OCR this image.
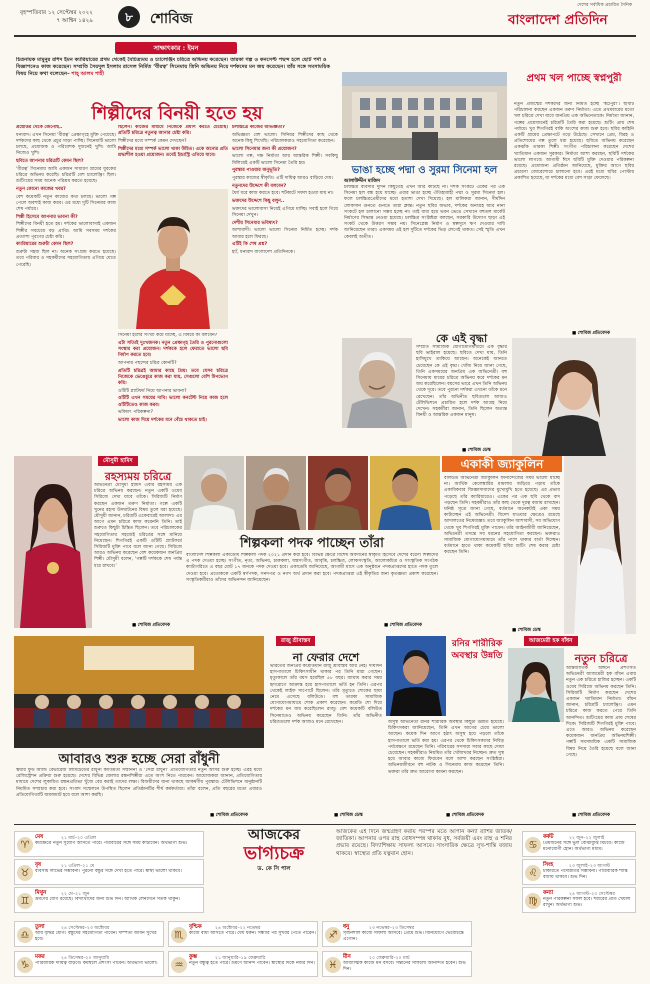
বৃহস্পতিবার ১২ সেপ্টেম্বর ২০২২
৭ আশ্বিন ১৪২৯	৮	শোবিজ
দেশের সর্বাধিক প্রচারিত দৈনিক
বাংলাদেশ প্রতিদিন
সাক্ষাৎকার : ইমন
চিত্রনায়ক মামুনুর রশিদ ইমন ক্যারিয়ারের প্রথম থেকেই বৈচিত্র্যময় ও চ্যালেঞ্জিং চরিত্রে অভিনয় করেছেন। তারকা গল্প ও কনসেপ্ট পছন্দ হলে ছোট পর্দা ও বিজ্ঞাপনেও কাজ করেছেন। সম্প্রতি সৈয়দুল ইসলাম রাসেল নির্মিত ‘বীরত্ব’ সিনেমায় তিনি অভিনয় নিয়ে দর্শকদের মন জয় করেছেন। তাঁর সঙ্গে সমসাময়িক বিষয় নিয়ে কথা বলেছেন– শাহ্ আলম শাহী
শিল্পীদের বিনয়ী হতে হয়

প্রশ্নোত্তর থেকে জেনেছি..

ধন্যবাদ। এখন সিনেমা ‘বীরত্ব’ প্রেক্ষাগৃহে মুক্তি পেয়েছে। দর্শকদের কাছ থেকে প্রচুর সাড়া পাচ্ছি। সিনেমাটি ভালো চলছে, প্রযোজক ও পরিবেশক দুজনেই খুশি। আমি নিজেও খুশি।

ছবিতে আপনার চরিত্রটি কেমন ছিল?

‘বীরত্ব’ সিনেমায় আমি একজন সাধারণ গ্রামের যুবকের চরিত্রে অভিনয় করেছি। চরিত্রটি বেশ চ্যালেঞ্জিং ছিল। শুটিংয়ের সময় অনেক পরিশ্রম করতে হয়েছে।

নতুন কোনো কাজের খবর?

বেশ কয়েকটি নতুন কাজের কথা চলছে। ভালো গল্প পেলে অবশ্যই কাজ করব। এর মধ্যে দুটি সিনেমার কাজ শেষ পর্যায়ে।

শিল্পী হিসেবে আপনার ভাবনা কী?

শিল্পীদের বিনয়ী হতে হয়। দর্শকের ভালোবাসাই একজন শিল্পীর সবচেয়ে বড় প্রাপ্তি। আমি সবসময় দর্শকের প্রত্যাশা পূরণের চেষ্টা করি।

ক্যারিয়ারের শুরুটা কেমন ছিল?

শুরুটা সহজ ছিল না। অনেক সংগ্রাম করতে হয়েছে। তবে পরিবার ও সহকর্মীদের সহযোগিতায় এগিয়ে যেতে পেরেছি।

ছিলেন। কাজের মাধ্যমে নিজেকে প্রমাণ করতে চেয়েছি। প্রতিটি চরিত্রে নতুনত্ব আনার চেষ্টা করি।

শিল্পীদের মধ্যে সম্পর্ক কেমন দেখছেন?

শিল্পীদের মধ্যে সম্পর্ক ভালো থাকা উচিত। একে অন্যের প্রতি শ্রদ্ধাশীল হওয়া প্রয়োজন। তবেই ইন্ডাস্ট্রি এগিয়ে যাবে।

সিনেমা হলের সংখ্যা কমে যাচ্ছে, এ বিষয়ে কী বলবেন?

এটা সত্যিই দুঃখজনক। নতুন প্রেক্ষাগৃহ তৈরি ও পুরনোগুলো সংস্কার করা প্রয়োজন। দর্শককে হলে ফেরাতে ভালো ছবি নির্মাণ করতে হবে।

আপনার পছন্দের চরিত্র কোনটি?

প্রতিটি চরিত্রই আমার কাছে প্রিয়। তবে যেসব চরিত্রে নিজেকে ভেঙেচুরে কাজ করা যায়, সেগুলো বেশি উপভোগ করি।

ওটিটি প্ল্যাটফর্ম নিয়ে আপনার ভাবনা?

ওটিটি এখন সময়ের দাবি। ভালো কনটেন্ট নিয়ে কাজ হলে ওটিটিতেও কাজ করব।

ভবিষ্যৎ পরিকল্পনা?

ভালো কাজ দিয়ে দর্শকের মনে বেঁচে থাকতে চাই।

চলচ্চিত্রে কাজের অভিজ্ঞতা?

অভিজ্ঞতা বেশ ভালো। সিনিয়র শিল্পীদের কাছ থেকে অনেক কিছু শিখেছি। পরিচালকরাও সহযোগিতা করেছেন।

ভালো সিনেমার জন্য কী প্রয়োজন?

ভালো গল্প, দক্ষ নির্মাতা আর আন্তরিক শিল্পী। সবকিছু মিলিয়েই একটি ভালো সিনেমা তৈরি হয়।

পুরস্কার পাওয়ার অনুভূতি?

পুরস্কার কাজের স্বীকৃতি। এটি দায়িত্ব আরও বাড়িয়ে দেয়।

নতুনদের উদ্দেশে কী বলবেন?

ধৈর্য ধরে কাজ করতে হবে। শর্টকাটে সফল হওয়া যায় না।

ভক্তদের উদ্দেশে কিছু বলুন..

ভক্তদের ভালোবাসা নিয়েই এগিয়ে যাচ্ছি। সবাই হলে গিয়ে সিনেমা দেখুন।

দেশীয় সিনেমার ভবিষ্যৎ?

আশাবাদী। ভালো ভালো সিনেমা নির্মিত হচ্ছে। দর্শক আবার হলে ফিরছে।

এটিই কি শেষ প্রশ্ন?

হ্যাঁ, ধন্যবাদ বাংলাদেশ প্রতিদিনকে।

ভাঙা হচ্ছে পদ্মা ও সুরমা সিনেমা হল
আলাউদ্দীন মাজিদ
চলচ্চিত্র ব্যবসার দুর্দিন কিছুতেই এখন আর কাটছে না। দর্শক সংকটে একের পর এক সিনেমা হল বন্ধ হয়ে যাচ্ছে। এবার ভাঙা হচ্ছে ঐতিহ্যবাহী পদ্মা ও সুরমা সিনেমা হল। ফলে চলচ্চিত্রপ্রেমীদের মধ্যে হতাশা দেখা দিয়েছে। হল মালিকরা জানান, দীর্ঘদিন লোকসান গুনতে গুনতে তারা ক্লান্ত। নতুন ছবির অভাব, দর্শকের অনাগ্রহ আর নানা সংকটে হল চালানো সম্ভব হচ্ছে না। তাই বাধ্য হয়ে ভবন ভেঙে সেখানে বহুতল মার্কেট নির্মাণের সিদ্ধান্ত নেওয়া হয়েছে। চলচ্চিত্র সংশ্লিষ্টরা বলছেন, সরকারি উদ্যোগ ছাড়া এই সংকট থেকে উত্তরণ সম্ভব নয়। সিনেপ্লেক্স নির্মাণ ও স্বল্পসুদে ঋণ দেওয়ার দাবি জানিয়েছেন তারা। একসময় এই হল দুটিতে দর্শকের ভিড় লেগেই থাকত। সেই স্মৃতি এখন কেবলই অতীত।
প্রথম খল পাচ্ছে স্বপ্নপুরী
নতুন প্রজন্মের দর্শকদের জন্য নির্মিত হচ্ছে ‘স্বপ্নপুরী’। ছবিটি পরিচালনা করছেন একজন তরুণ নির্মাতা। এতে প্রথমবারের মতো খল চরিত্রে দেখা যাবে জনপ্রিয় এক অভিনেতাকে। নির্মাতা জানান, গল্পের প্রয়োজনেই চরিত্রটি তৈরি করা হয়েছে। শুটিং প্রায় শেষ পর্যায়ে। খুব শিগগিরই বাকি অংশের কাজ শুরু হবে। ছবির কাহিনি একটি গ্রামের প্রেক্ষাপটে গড়ে উঠেছে। সেখানে প্রেম, বিরহ ও প্রতিশোধের গল্প তুলে ধরা হয়েছে। ছবিতে অভিনয় করেছেন একঝাঁক তারকা শিল্পী। সংগীত পরিচালনা করেছেন দেশের খ্যাতিমান একজন সুরকার। নির্মাতা আশা করছেন, ছবিটি দর্শকের ভালো লাগবে। আগামী ঈদে ছবিটি মুক্তি দেওয়ার পরিকল্পনা রয়েছে। প্রযোজনা প্রতিষ্ঠান জানিয়েছে, মুক্তির আগে ছবির প্রচারণা জোরেশোরে চালানো হবে। এরই মধ্যে ছবির পোস্টার প্রকাশিত হয়েছে, যা দর্শকের মধ্যে বেশ সাড়া ফেলেছে।
■ শোবিজ প্রতিবেদক
কে এই বৃদ্ধা
সম্প্রতি সামাজিক যোগাযোগমাধ্যমে এক বৃদ্ধার ছবি ভাইরাল হয়েছে। ছবিতে দেখা যায়, তিনি হাসিমুখে তাকিয়ে আছেন। অনেকেই জানতে চেয়েছেন কে এই বৃদ্ধা। খোঁজ নিয়ে জানা গেছে, তিনি একসময়ের জনপ্রিয় এক অভিনেত্রী। বহু সিনেমায় মায়ের চরিত্রে অভিনয় করে দর্শকের মন জয় করেছিলেন। বয়সের ভারে এখন তিনি অভিনয় থেকে দূরে। তবে পুরনো দর্শকরা এখনো তাঁকে মনে রেখেছেন। তাঁর অভিনীত ছবিগুলো আজও টেলিভিশনে প্রচারিত হলে দর্শক আগ্রহ নিয়ে দেখেন। সহকর্মীরা জানান, তিনি ছিলেন অত্যন্ত বিনয়ী ও আন্তরিক একজন মানুষ।
■ শোবিজ ডেস্ক
মৌসুমী হামিদ
রহস্যময় চরিত্রে
অভিনেত্রী মৌসুমী হামিদ এবার রহস্যময় এক চরিত্রে অভিনয় করছেন। নতুন একটি ওয়েব সিরিজে দেখা যাবে তাঁকে। সিরিজটি নির্মাণ করছেন একজন তরুণ নির্মাতা। গল্পে একটি খুনের রহস্য উদঘাটনের বিষয় তুলে ধরা হয়েছে। মৌসুমী জানান, চরিত্রটি একেবারেই আলাদা। এর আগে এমন চরিত্রে কাজ করেননি তিনি। তাই শুরুতে কিছুটা চিন্তিত ছিলেন। তবে পরিচালকের সহযোগিতায় সহজেই চরিত্রের সঙ্গে মানিয়ে নিয়েছেন। শিগগিরই একটি ওটিটি প্ল্যাটফর্মে সিরিজটি মুক্তি পাবে বলে জানা গেছে। সিরিজে আরও অভিনয় করেছেন বেশ কয়েকজন জনপ্রিয় শিল্পী। মৌসুমী বলেন, ‘গল্পটি দর্শককে শেষ পর্যন্ত ধরে রাখবে।’
■ শোবিজ প্রতিবেদক
শিল্পকলা পদক পাচ্ছেন তাঁরা
বাংলাদেশ শিল্পকলা একাডেমি শিল্পকলা পদক ২০২১ প্রদান করা হবে। বিভিন্ন ক্ষেত্রে বিশেষ অবদানের স্বীকৃতি হিসেবে দেশের বরেণ্য শিল্পীদের এ পদক দেওয়া হচ্ছে। সংগীত, নৃত্য, অভিনয়, চারুকলা, যন্ত্রসংগীত, আবৃত্তি, চলচ্চিত্র, লোকসংস্কৃতি, আলোকচিত্র ও সাংস্কৃতিক সংগঠক ক্যাটাগরিতে এ বছর মোট ১৭ জনকে পদক দেওয়া হবে। একাডেমি জানিয়েছে, আগামী মাসে এক অনুষ্ঠানে পদকপ্রাপ্তদের হাতে পদক তুলে দেওয়া হবে। প্রত্যেককে একটি স্বর্ণপদক, সনদপত্র ও নগদ অর্থ প্রদান করা হবে। পদকপ্রাপ্তরা এই স্বীকৃতির জন্য কৃতজ্ঞতা প্রকাশ করেছেন। সংস্কৃতিকর্মীরাও তাঁদের অভিনন্দন জানিয়েছেন।
■ শোবিজ প্রতিবেদক
একাকী জ্যাকুলিন
বলিউড অভিনেত্রী জ্যাকুলিন ফার্নান্দেজের সময় ভালো যাচ্ছে না। আর্থিক কেলেঙ্কারির মামলায় জড়িয়ে পড়ায় তাঁকে একাধিকবার জিজ্ঞাসাবাদের মুখোমুখি হতে হয়েছে। এর প্রভাব পড়েছে তাঁর ক্যারিয়ারেও। একের পর এক ছবি থেকে বাদ পড়ছেন তিনি। সহকর্মীরাও তাঁর কাছ থেকে দূরত্ব বজায় রাখছেন। ঘনিষ্ঠ সূত্রে জানা গেছে, বর্তমানে অনেকটাই একা সময় কাটাচ্ছেন এই অভিনেত্রী। বিদেশ যাওয়ার ক্ষেত্রেও রয়েছে আদালতের নিষেধাজ্ঞা। তবে জ্যাকুলিন আশাবাদী, সব অভিযোগ থেকে খুব শিগগিরই মুক্তি পাবেন। তাঁর আইনজীবী জানিয়েছেন, অভিনেত্রী তদন্তে সব ধরনের সহযোগিতা করছেন। ভক্তরাও সামাজিক যোগাযোগমাধ্যমে তাঁর পাশে থাকার বার্তা দিচ্ছেন। বর্তমানে হাতে থাকা কয়েকটি ছবির শুটিং শেষ করার চেষ্টা করছেন তিনি।
■ শোবিজ ডেস্ক
আবারও শুরু হচ্ছে সেরা রাঁধুনী
স্কয়ার ফুড অ্যান্ড বেভারেজ লিমিটেডের রাঁধুনী কীর্তিমতী সম্মাননা ও ‘সেরা রাঁধুনী’ প্রতিযোগিতার নতুন আসর শুরু হচ্ছে। এরই মধ্যে রেজিস্ট্রেশন প্রক্রিয়া শুরু হয়েছে। দেশের বিভিন্ন জেলার রন্ধনশিল্পীরা এতে অংশ নিতে পারবেন। আয়োজকরা জানান, প্রতিযোগিতার মাধ্যমে দেশের লুকায়িত রন্ধনপ্রতিভা খুঁজে বের করাই তাদের লক্ষ্য। বিজয়ীদের জন্য থাকছে আকর্ষণীয় পুরস্কার। টেলিভিশনে অনুষ্ঠানটি নিয়মিত সম্প্রচার করা হবে। সংবাদ সম্মেলনে উপস্থিত ছিলেন প্রতিষ্ঠানটির শীর্ষ কর্মকর্তারা। তাঁরা বলেন, প্রতি বছরের মতো এবারও প্রতিযোগিতাটি জমজমাট হবে বলে আশা করছি।
■ শোবিজ প্রতিবেদক
রাজু শ্রীবাস্তব
না ফেরার দেশে
ভারতের জনপ্রিয় কমেডিয়ান রাজু শ্রীবাস্তব আর নেই। দীর্ঘদিন হাসপাতালে চিকিৎসাধীন থাকার পর তিনি মারা গেছেন। মৃত্যুকালে তাঁর বয়স হয়েছিল ৫৮ বছর। ব্যায়াম করার সময় হৃদরোগে আক্রান্ত হয়ে হাসপাতালে ভর্তি হন তিনি। এরপর থেকেই লাইফ সাপোর্টে ছিলেন। তাঁর মৃত্যুতে শোকের ছায়া নেমে এসেছে বলিউডে। বহু তারকা সামাজিক যোগাযোগমাধ্যমে শোক প্রকাশ করেছেন। কমেডি শো দিয়ে দর্শকের মন জয় করেছিলেন রাজু। বেশ কয়েকটি বলিউড সিনেমাতেও অভিনয় করেছেন তিনি। তাঁর অভিনীত চরিত্রগুলো দর্শক আজও মনে রেখেছেন।
■ শোবিজ ডেস্ক
রনির শারীরিক অবস্থার উন্নতি
অসুস্থ অভিনেতা রনির শারীরিক অবস্থার কিছুটা উন্নতি হয়েছে। চিকিৎসকরা জানিয়েছেন, তিনি এখন আগের চেয়ে ভালো আছেন। কয়েক দিন আগে হঠাৎ অসুস্থ হয়ে পড়লে তাঁকে হাসপাতালে ভর্তি করা হয়। এরপর থেকে চিকিৎসকদের নিবিড় পর্যবেক্ষণে রয়েছেন তিনি। পরিবারের সদস্যরা সবার কাছে দোয়া চেয়েছেন। সহকর্মীরাও নিয়মিত তাঁর খোঁজখবর নিচ্ছেন। দ্রুত সুস্থ হয়ে আবার কাজে ফিরবেন বলে আশা করছেন সংশ্লিষ্টরা। অভিনয়জীবনে বহু নাটক ও সিনেমায় কাজ করেছেন তিনি। ভক্তরা তাঁর দ্রুত আরোগ্য কামনা করছেন।
■ শোবিজ প্রতিবেদক
আজমেরী হক বাঁধন
নতুন চরিত্রে
আন্তর্জাতিক অঙ্গনে প্রশংসিত অভিনেত্রী আজমেরী হক বাঁধন এবার নতুন এক চরিত্রে হাজির হচ্ছেন। একটি ওয়েব সিরিজে অভিনয় করছেন তিনি। সিরিজটি নির্মাণ করছেন দেশের একজন খ্যাতিমান নির্মাতা। বাঁধন জানান, চরিত্রটি চ্যালেঞ্জিং। এমন চরিত্রে কাজ করতে পেরে তিনি আনন্দিত। শুটিংয়ের কাজ প্রায় শেষের দিকে। সিরিজটি শিগগিরই মুক্তি পাবে। এতে আরও অভিনয় করেছেন কয়েকজন জনপ্রিয় অভিনয়শিল্পী। গল্পটি সমসাময়িক একটি সামাজিক বিষয় নিয়ে তৈরি হয়েছে বলে জানা গেছে।
■ শোবিজ প্রতিবেদক
আজকের
ভাগ্যচক্র
ড. কে সি পাল
আজকের এই দিনে জন্মগ্রহণ করায় পরস্পর মতে আপনি কন্যা রাশির জাতক/জাতিকা। আপনার ওপর রাহু বোধসম্পন্ন থাকায় বুধ, সর্বজয়ী এবং রাহু ও শনির প্রভাব রয়েছে। বিদ্যাশিক্ষায় সাফল্য আসবে। সাংসারিক ক্ষেত্রে সুখ-শান্তি বজায় থাকবে। স্বাস্থ্যের প্রতি যত্নবান হোন।
♈
মেষ	২১ মার্চ–২০ এপ্রিল
কর্মক্ষেত্রে নতুন সুযোগ আসতে পারে। পরিবারের সঙ্গে সময় কাটাবেন। অর্থভাগ্য শুভ।
♉
বৃষ	২১ এপ্রিল–২১ মে
ব্যবসায় লাভের সম্ভাবনা। পুরনো বন্ধুর সঙ্গে দেখা হতে পারে। স্বাস্থ্য ভালো থাকবে।
♊
মিথুন	২২ মে–২১ জুন
ভ্রমণের যোগ রয়েছে। বিদ্যার্থীদের জন্য শুভ দিন। আর্থিক লেনদেনে সতর্ক থাকুন।
♋
কর্কট	২২ জুন–২২ জুলাই
প্রিয়জনের সঙ্গে ভুল বোঝাবুঝি মিটবে। কাজে মনোযোগী হোন। অর্থভাগ্য মধ্যম।
♌
সিংহ	২৩ জুলাই–২৩ আগস্ট
চাকরিতে পদোন্নতির সম্ভাবনা। পারিবারিক শান্তি বজায় থাকবে। শুভ দিন।
♍
কন্যা	২৪ আগস্ট–২৩ সেপ্টেম্বর
নতুন পরিকল্পনা সফল হবে। শরীরের প্রতি খেয়াল রাখুন। অর্থভাগ্য শুভ।
♎
তুলা	২৪ সেপ্টেম্বর–২৩ অক্টোবর
আয় বৃদ্ধির যোগ। বন্ধুদের সহযোগিতা পাবেন। দাম্পত্য জীবন সুখের হবে।	♏
বৃশ্চিক	২৪ অক্টোবর–২২ নভেম্বর
কাজে বাধা আসতে পারে। ধৈর্য ধরুন। সন্ধ্যার পর সুখবর পেতে পারেন।	♐
ধনু	২৩ নভেম্বর–২৩ ডিসেম্বর
সৃজনশীল কাজে সাফল্য আসবে। প্রেমে শুভ। বিনিয়োগে ভেবেচিন্তে এগোন।
♑
মকর	২৪ ডিসেম্বর–২০ জানুয়ারি
পারিবারিক দায়িত্ব বাড়বে। কর্মস্থলে প্রশংসা পাবেন। অর্থভাগ্য ভালো।	♒
কুম্ভ	২১ জানুয়ারি–১৯ ফেব্রুয়ারি
নতুন বন্ধুত্ব হতে পারে। ভ্রমণে আনন্দ পাবেন। স্বাস্থ্যের দিকে নজর দিন।	♓
মীন	২০ ফেব্রুয়ারি–২০ মার্চ
আধ্যাত্মিক কাজে মন বসবে। সন্তানের সাফল্যে আনন্দিত হবেন। শুভ দিন।
